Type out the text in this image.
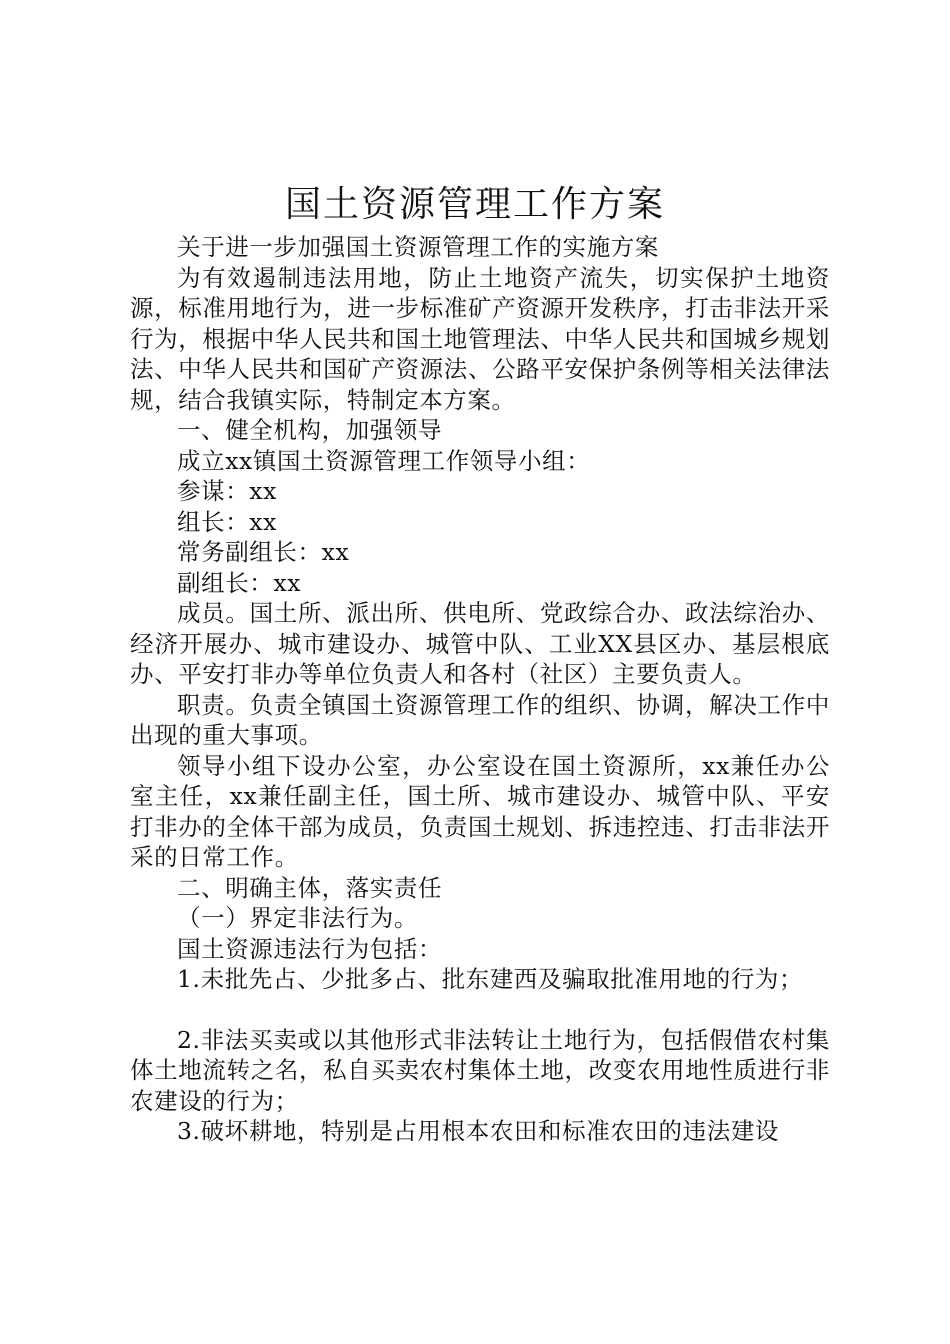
国土资源管理工作方案

关于进一步加强国土资源管理工作的实施方案

为有效遏制违法用地，防止土地资产流失，切实保护土地资源，标准用地行为，进一步标准矿产资源开发秩序，打击非法开采行为，根据中华人民共和国土地管理法、中华人民共和国城乡规划法、中华人民共和国矿产资源法、公路平安保护条例等相关法律法规，结合我镇实际，特制定本方案。

一、健全机构，加强领导

成立xx镇国土资源管理工作领导小组：

参谋：xx

组长：xx

常务副组长：xx

副组长：xx

成员。国土所、派出所、供电所、党政综合办、政法综治办、经济开展办、城市建设办、城管中队、工业XX县区办、基层根底办、平安打非办等单位负责人和各村（社区）主要负责人。

职责。负责全镇国土资源管理工作的组织、协调，解决工作中出现的重大事项。

领导小组下设办公室，办公室设在国土资源所，xx兼任办公室主任，xx兼任副主任，国土所、城市建设办、城管中队、平安打非办的全体干部为成员，负责国土规划、拆违控违、打击非法开采的日常工作。

二、明确主体，落实责任

（一）界定非法行为。

国土资源违法行为包括：

1.未批先占、少批多占、批东建西及骗取批准用地的行为；

2.非法买卖或以其他形式非法转让土地行为，包括假借农村集体土地流转之名，私自买卖农村集体土地，改变农用地性质进行非农建设的行为；

3.破坏耕地，特别是占用根本农田和标准农田的违法建设
